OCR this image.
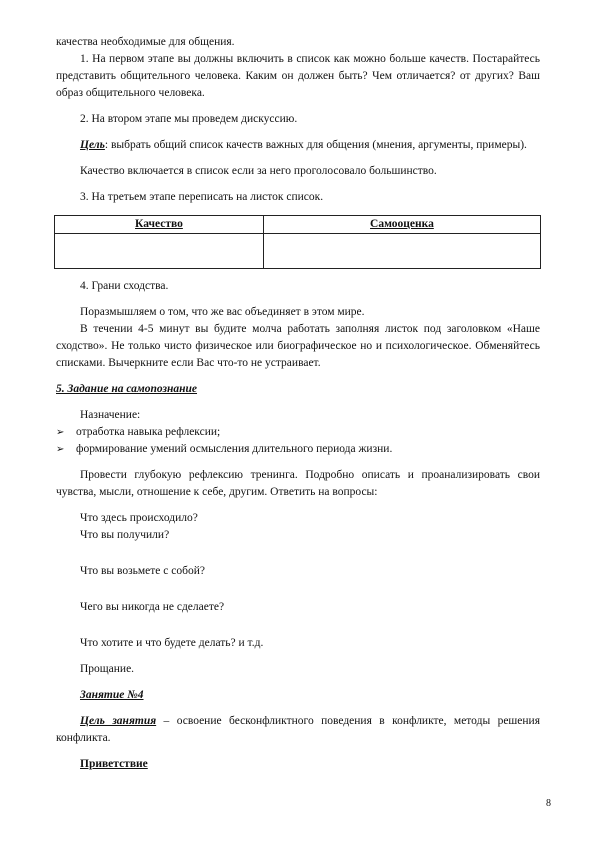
качества необходимые для общения.

1. На первом этапе вы должны включить в список как можно больше качеств. Постарайтесь представить общительного человека. Каким он должен быть? Чем отличается? от других? Ваш образ общительного человека.

2. На втором этапе мы проведем дискуссию.

Цель: выбрать общий список качеств важных для общения (мнения, аргументы, примеры).

Качество включается в список если за него проголосовало большинство.

3. На третьем этапе переписать на листок список.

Качество	Самооценка

4. Грани сходства.

Поразмышляем о том, что же вас объединяет в этом мире.

В течении 4-5 минут вы будите молча работать заполняя листок под заголовком «Наше сходство». Не только чисто физическое или биографическое но и психологическое. Обменяйтесь списками. Вычеркните если Вас что-то не устраивает.

5. Задание на самопознание

Назначение:

➢ отработка навыка рефлексии;

➢ формирование умений осмысления длительного периода жизни.

Провести глубокую рефлексию тренинга. Подробно описать и проанализировать свои чувства, мысли, отношение к себе, другим. Ответить на вопросы:

Что здесь происходило?

Что вы получили?

Что вы возьмете с собой?

Чего вы никогда не сделаете?

Что хотите и что будете делать? и т.д.

Прощание.

Занятие №4

Цель занятия – освоение бесконфликтного поведения в конфликте, методы решения конфликта.

Приветствие

8
